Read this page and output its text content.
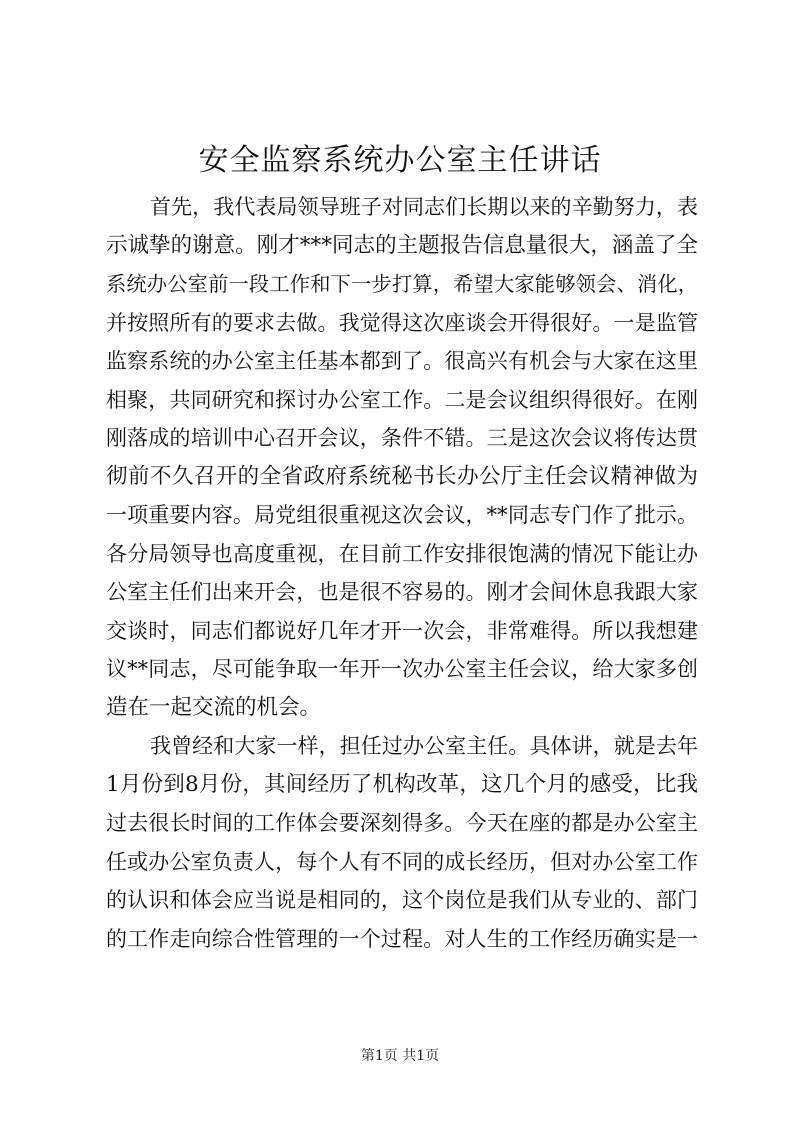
安全监察系统办公室主任讲话
首先，我代表局领导班子对同志们长期以来的辛勤努力，表
示诚挚的谢意。刚才***同志的主题报告信息量很大，涵盖了全
系统办公室前一段工作和下一步打算，希望大家能够领会、消化，
并按照所有的要求去做。我觉得这次座谈会开得很好。一是监管
监察系统的办公室主任基本都到了。很高兴有机会与大家在这里
相聚，共同研究和探讨办公室工作。二是会议组织得很好。在刚
刚落成的培训中心召开会议，条件不错。三是这次会议将传达贯
彻前不久召开的全省政府系统秘书长办公厅主任会议精神做为
一项重要内容。局党组很重视这次会议，**同志专门作了批示。
各分局领导也高度重视，在目前工作安排很饱满的情况下能让办
公室主任们出来开会，也是很不容易的。刚才会间休息我跟大家
交谈时，同志们都说好几年才开一次会，非常难得。所以我想建
议**同志，尽可能争取一年开一次办公室主任会议，给大家多创
造在一起交流的机会。
我曾经和大家一样，担任过办公室主任。具体讲，就是去年
1月份到8月份，其间经历了机构改革，这几个月的感受，比我
过去很长时间的工作体会要深刻得多。今天在座的都是办公室主
任或办公室负责人，每个人有不同的成长经历，但对办公室工作
的认识和体会应当说是相同的，这个岗位是我们从专业的、部门
的工作走向综合性管理的一个过程。对人生的工作经历确实是一
第1页 共1页
